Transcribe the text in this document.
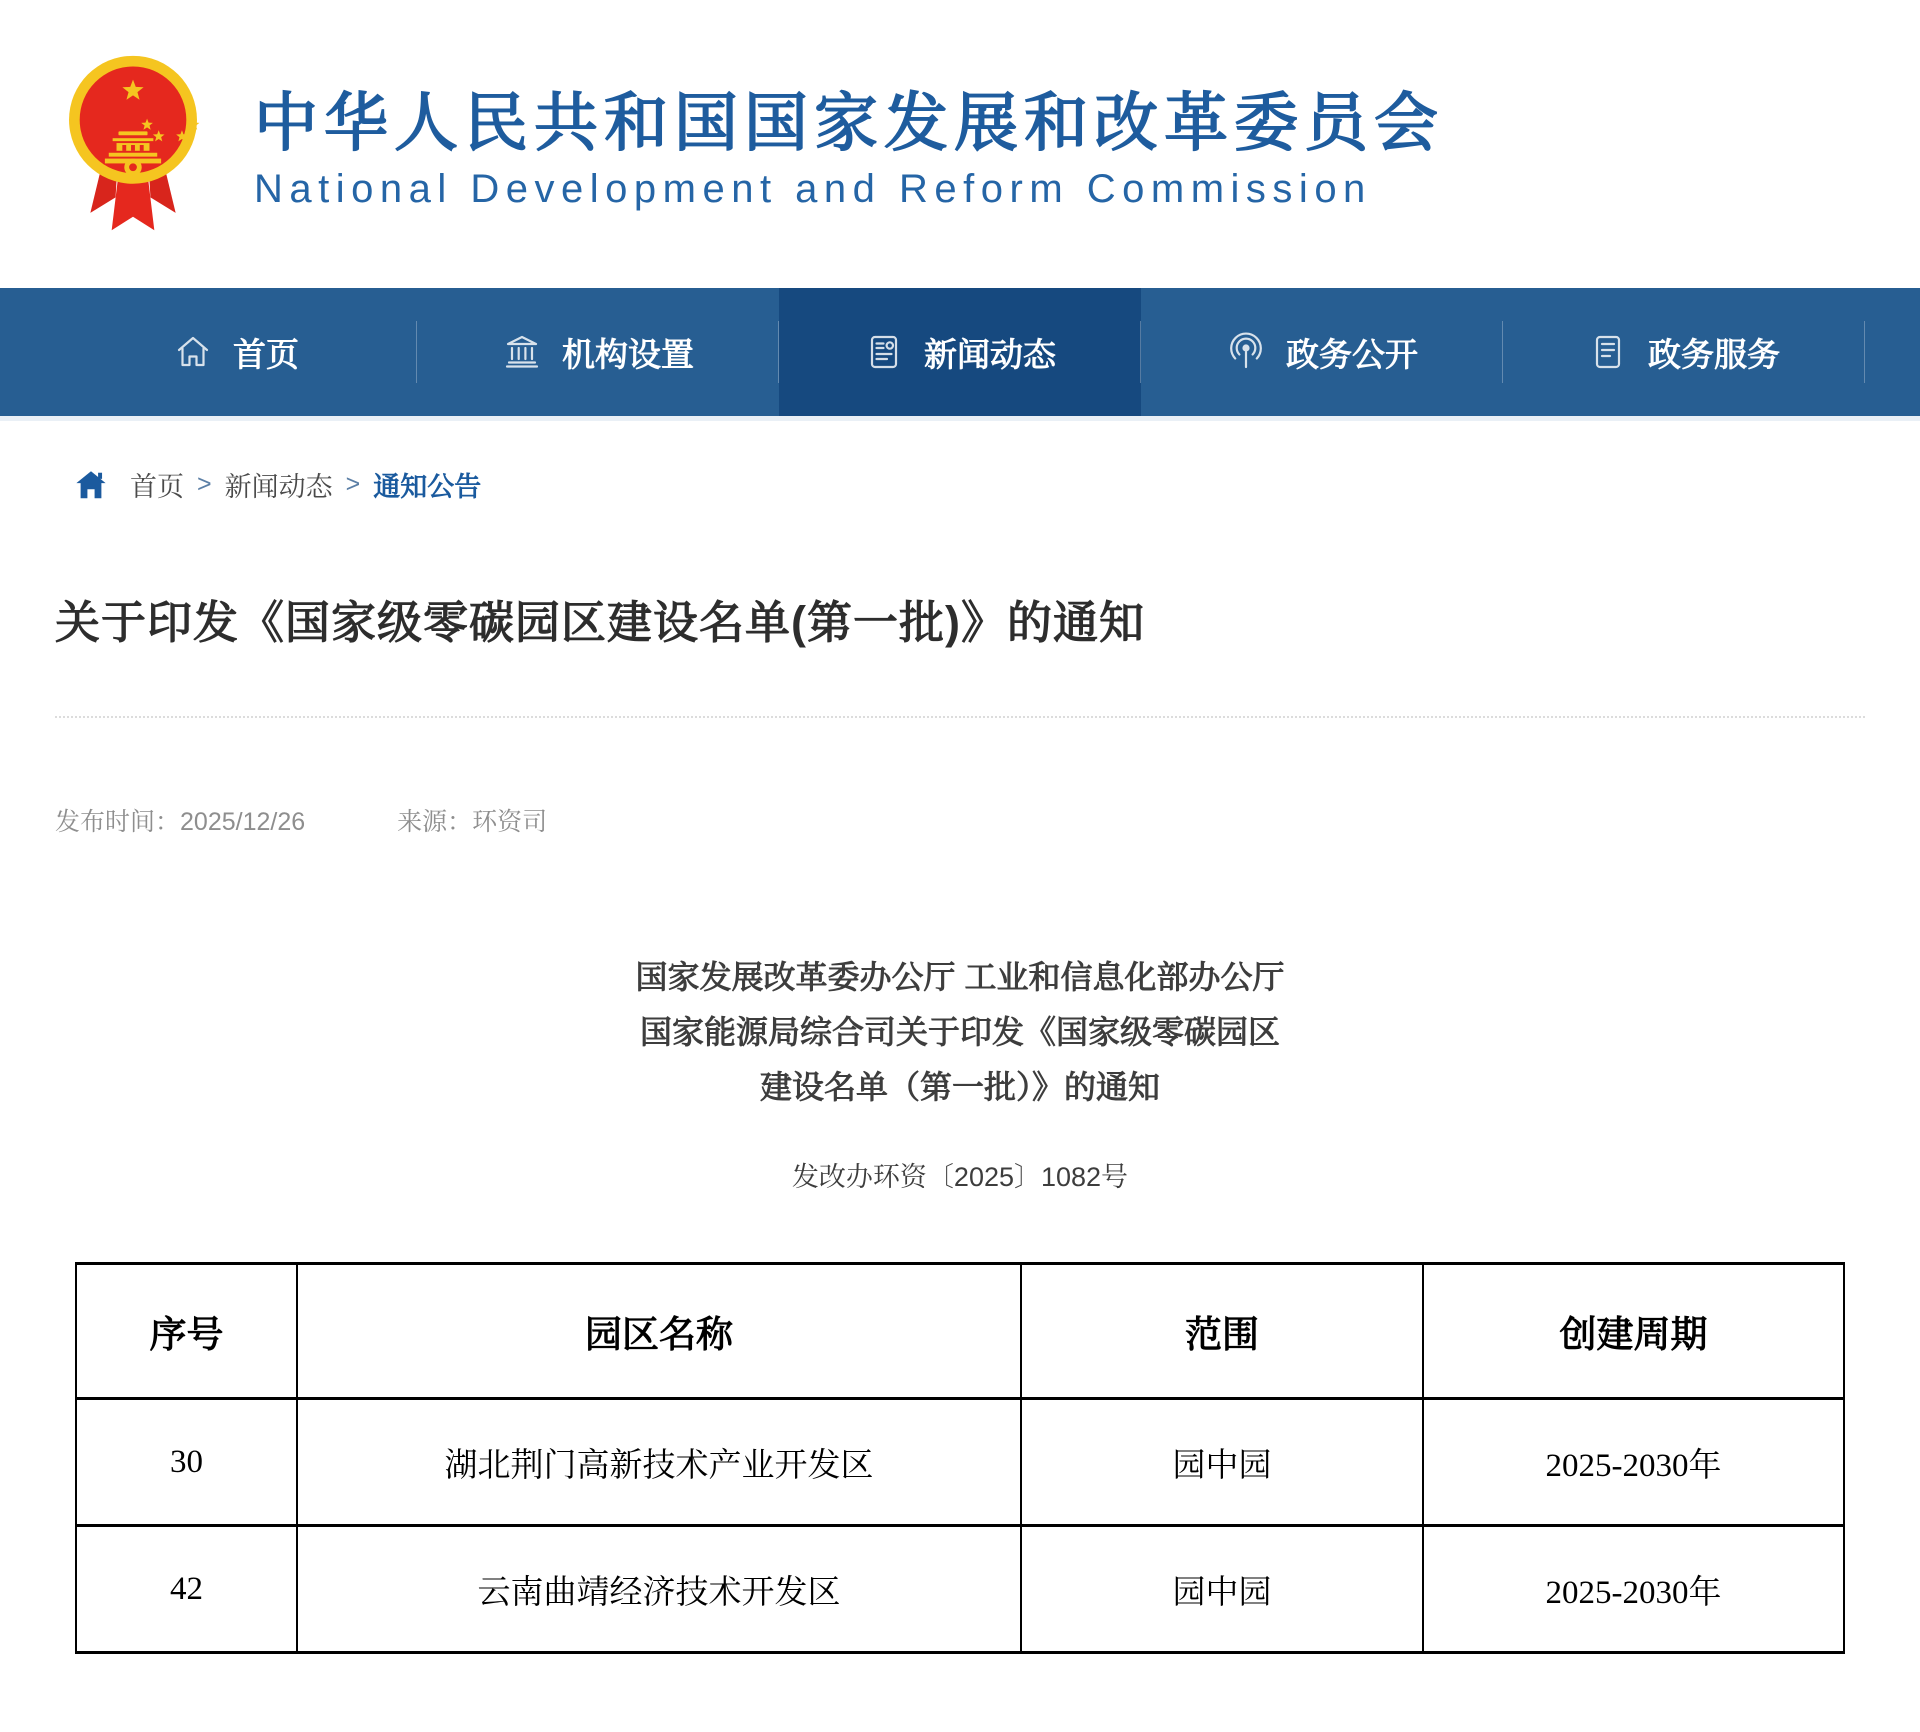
中华人民共和国国家发展和改革委员会
National Development and Reform Commission
首页	机构设置	新闻动态	政务公开	政务服务
首页 > 新闻动态 > 通知公告
关于印发《国家级零碳园区建设名单(第一批)》的通知
发布时间：2025/12/26	来源：环资司
国家发展改革委办公厅 工业和信息化部办公厅
国家能源局综合司关于印发《国家级零碳园区
建设名单（第一批）》的通知
发改办环资〔2025〕1082号
序号	园区名称	范围	创建周期
30	湖北荆门高新技术产业开发区	园中园	2025-2030年
42	云南曲靖经济技术开发区	园中园	2025-2030年
